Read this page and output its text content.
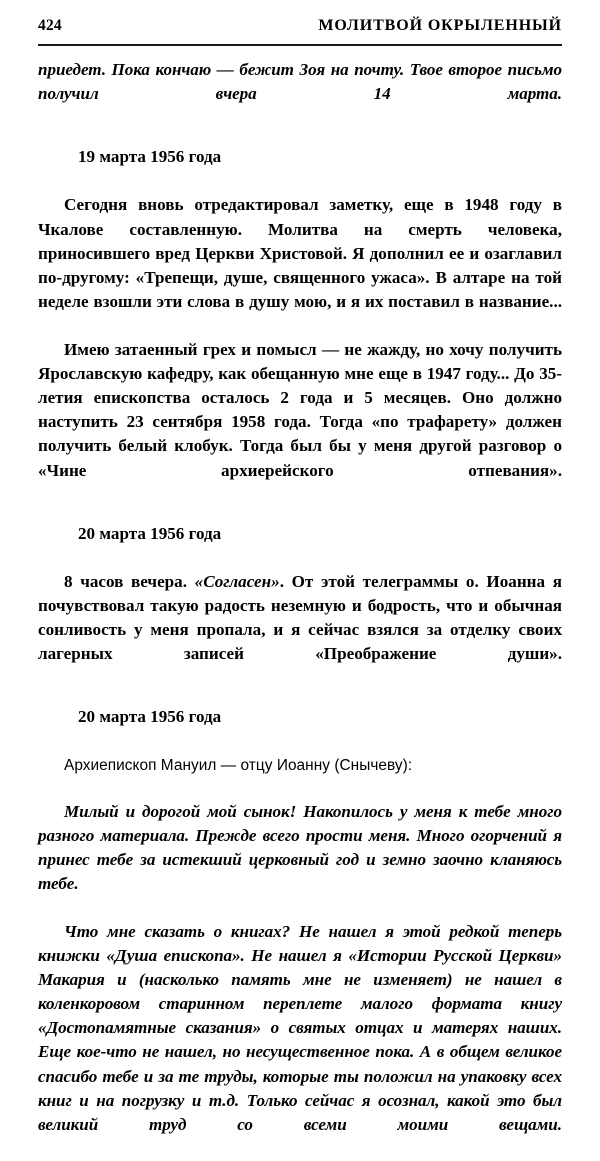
424	МОЛИТВОЙ ОКРЫЛЕННЫЙ

приедет. Пока кончаю — бежит Зоя на почту. Твое второе письмо получил вчера 14 марта.

19 марта 1956 года

Сегодня вновь отредактировал заметку, еще в 1948 году в Чкалове составленную. Молитва на смерть человека, приносившего вред Церкви Христовой. Я дополнил ее и озаглавил по-другому: «Трепещи, душе, священного ужаса». В алтаре на той неделе взошли эти слова в душу мою, и я их поставил в название...

Имею затаенный грех и помысл — не жажду, но хочу получить Ярославскую кафедру, как обещанную мне еще в 1947 году... До 35-летия епископства осталось 2 года и 5 месяцев. Оно должно наступить 23 сентября 1958 года. Тогда «по трафарету» должен получить белый клобук. Тогда был бы у меня другой разговор о «Чине архиерейского отпевания».

20 марта 1956 года

8 часов вечера. «Согласен». От этой телеграммы о. Иоанна я почувствовал такую радость неземную и бодрость, что и обычная сонливость у меня пропала, и я сейчас взялся за отделку своих лагерных записей «Преображение души».

20 марта 1956 года

Архиепископ Мануил — отцу Иоанну (Снычеву):

Милый и дорогой мой сынок! Накопилось у меня к тебе много разного материала. Прежде всего прости меня. Много огорчений я принес тебе за истекший церковный год и земно заочно кланяюсь тебе.

Что мне сказать о книгах? Не нашел я этой редкой теперь книжки «Душа епископа». Не нашел я «Истории Русской Церкви» Макария и (насколько память мне не изменяет) не нашел в коленкоровом старинном переплете малого формата книгу «Достопамятные сказания» о святых отцах и матерях наших. Еще кое-что не нашел, но несущественное пока. А в общем великое спасибо тебе и за те труды, которые ты положил на упаковку всех книг и на погрузку и т.д. Только сейчас я осознал, какой это был великий труд со всеми моими вещами.
